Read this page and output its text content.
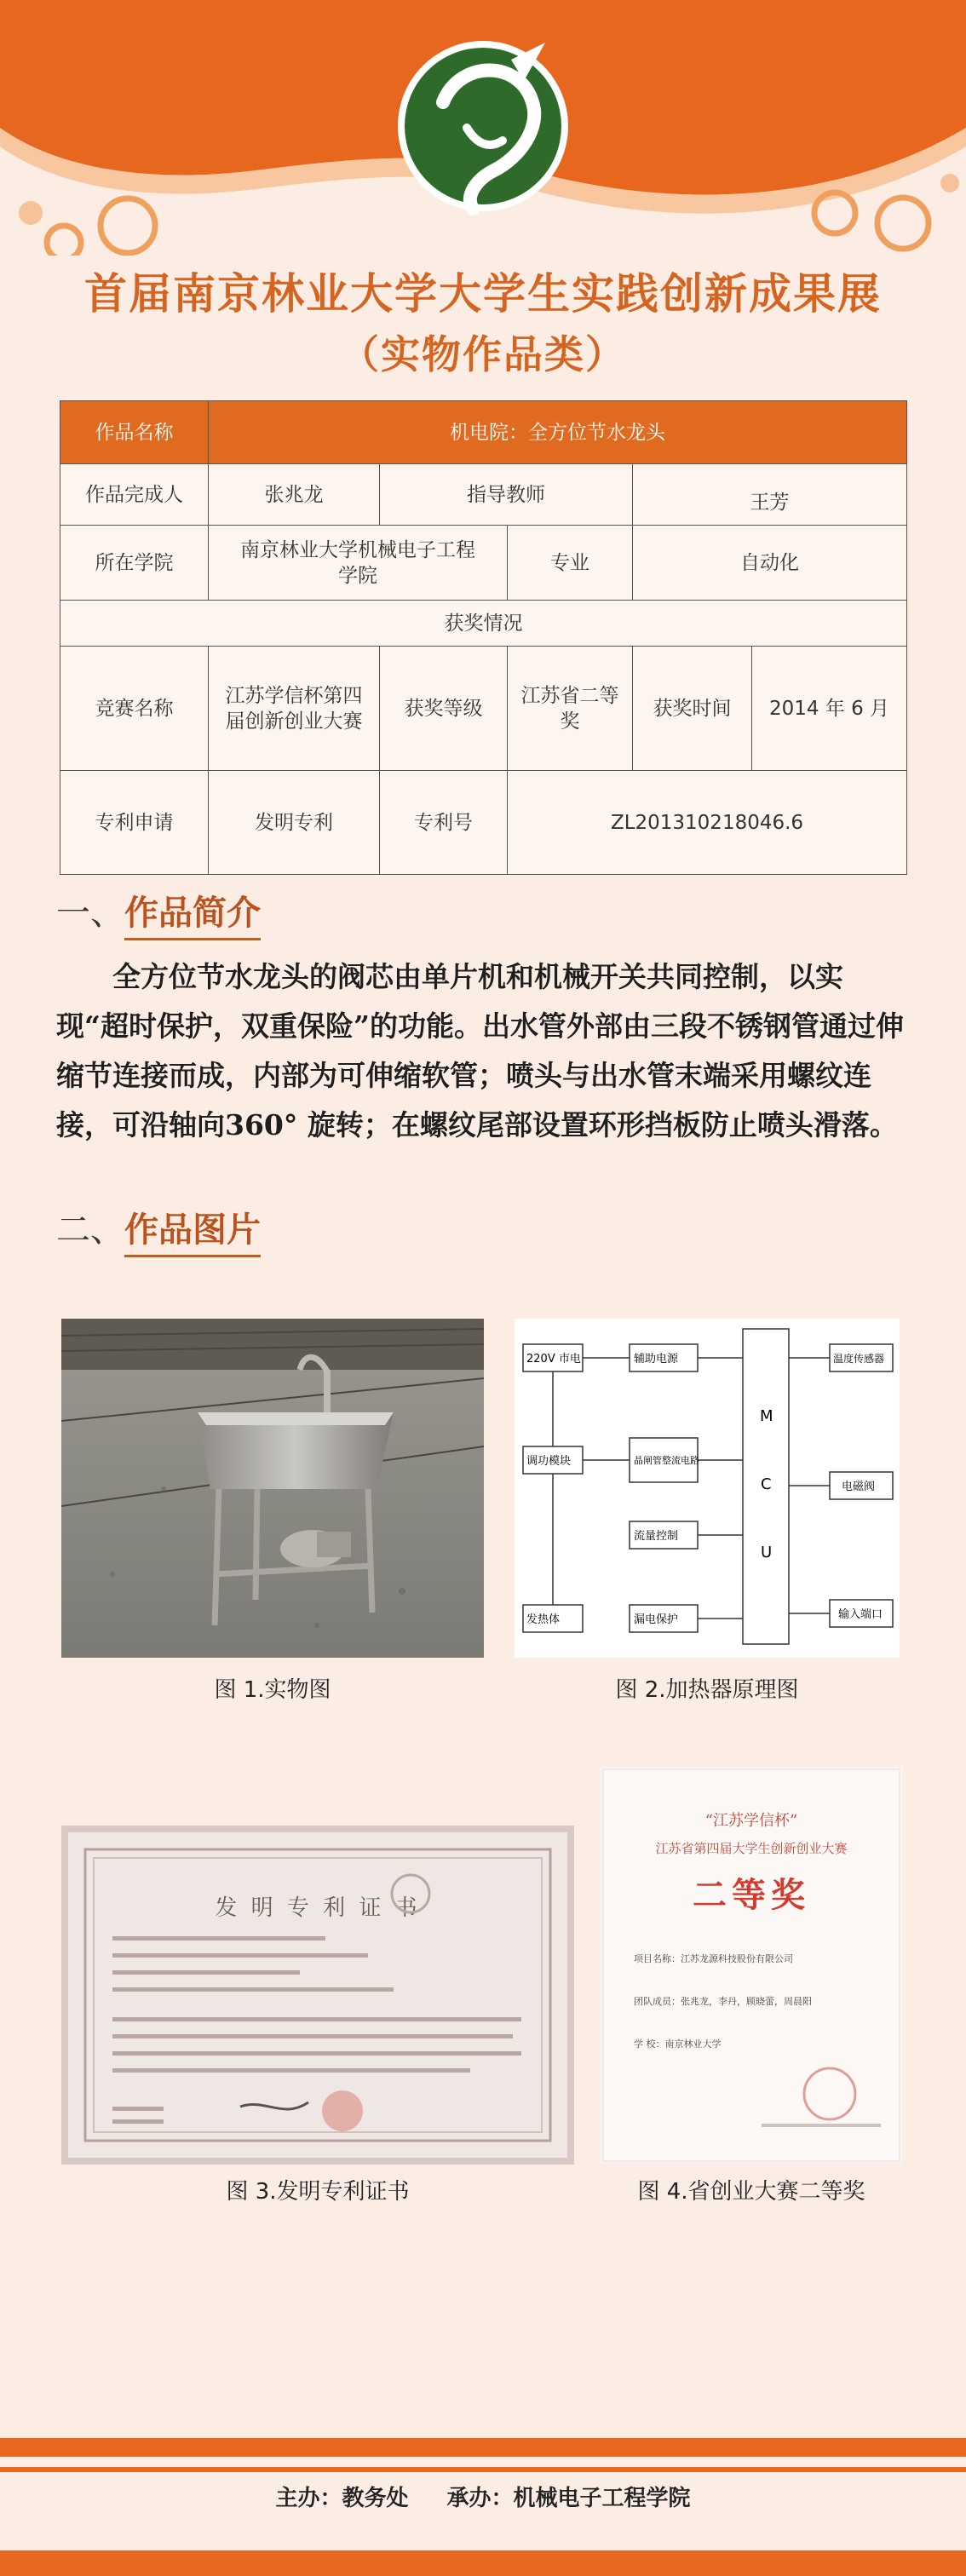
首届南京林业大学大学生实践创新成果展
（实物作品类）
作品名称	机电院：全方位节水龙头				
作品完成人	张兆龙	指导教师		王芳	
所在学院	南京林业大学机械电子工程学院		专业	自动化	
获奖情况					
竞赛名称	江苏学信杯第四届创新创业大赛	获奖等级	江苏省二等奖	获奖时间	2014 年 6 月
专利申请	发明专利	专利号	ZL201310218046.6		
一、作品简介
全方位节水龙头的阀芯由单片机和机械开关共同控制，以实现“超时保护，双重保险”的功能。出水管外部由三段不锈钢管通过伸缩节连接而成，内部为可伸缩软管；喷头与出水管末端采用螺纹连接，可沿轴向360° 旋转；在螺纹尾部设置环形挡板防止喷头滑落。
二、作品图片
图 1.实物图
220V 市电	辅助电源
调功模块	晶闸管整流电路
流量控制
发热体	漏电保护
温度传感器
电磁阀
输入端口
M
C
U
图 2.加热器原理图
发 明 专 利 证 书
图 3.发明专利证书
“江苏学信杯”
江苏省第四届大学生创新创业大赛
二等奖
项目名称：江苏龙源科技股份有限公司
团队成员：张兆龙，李丹，顾晓蕾，周晨阳
学 校：南京林业大学
图 4.省创业大赛二等奖
主办：教务处 承办：机械电子工程学院
